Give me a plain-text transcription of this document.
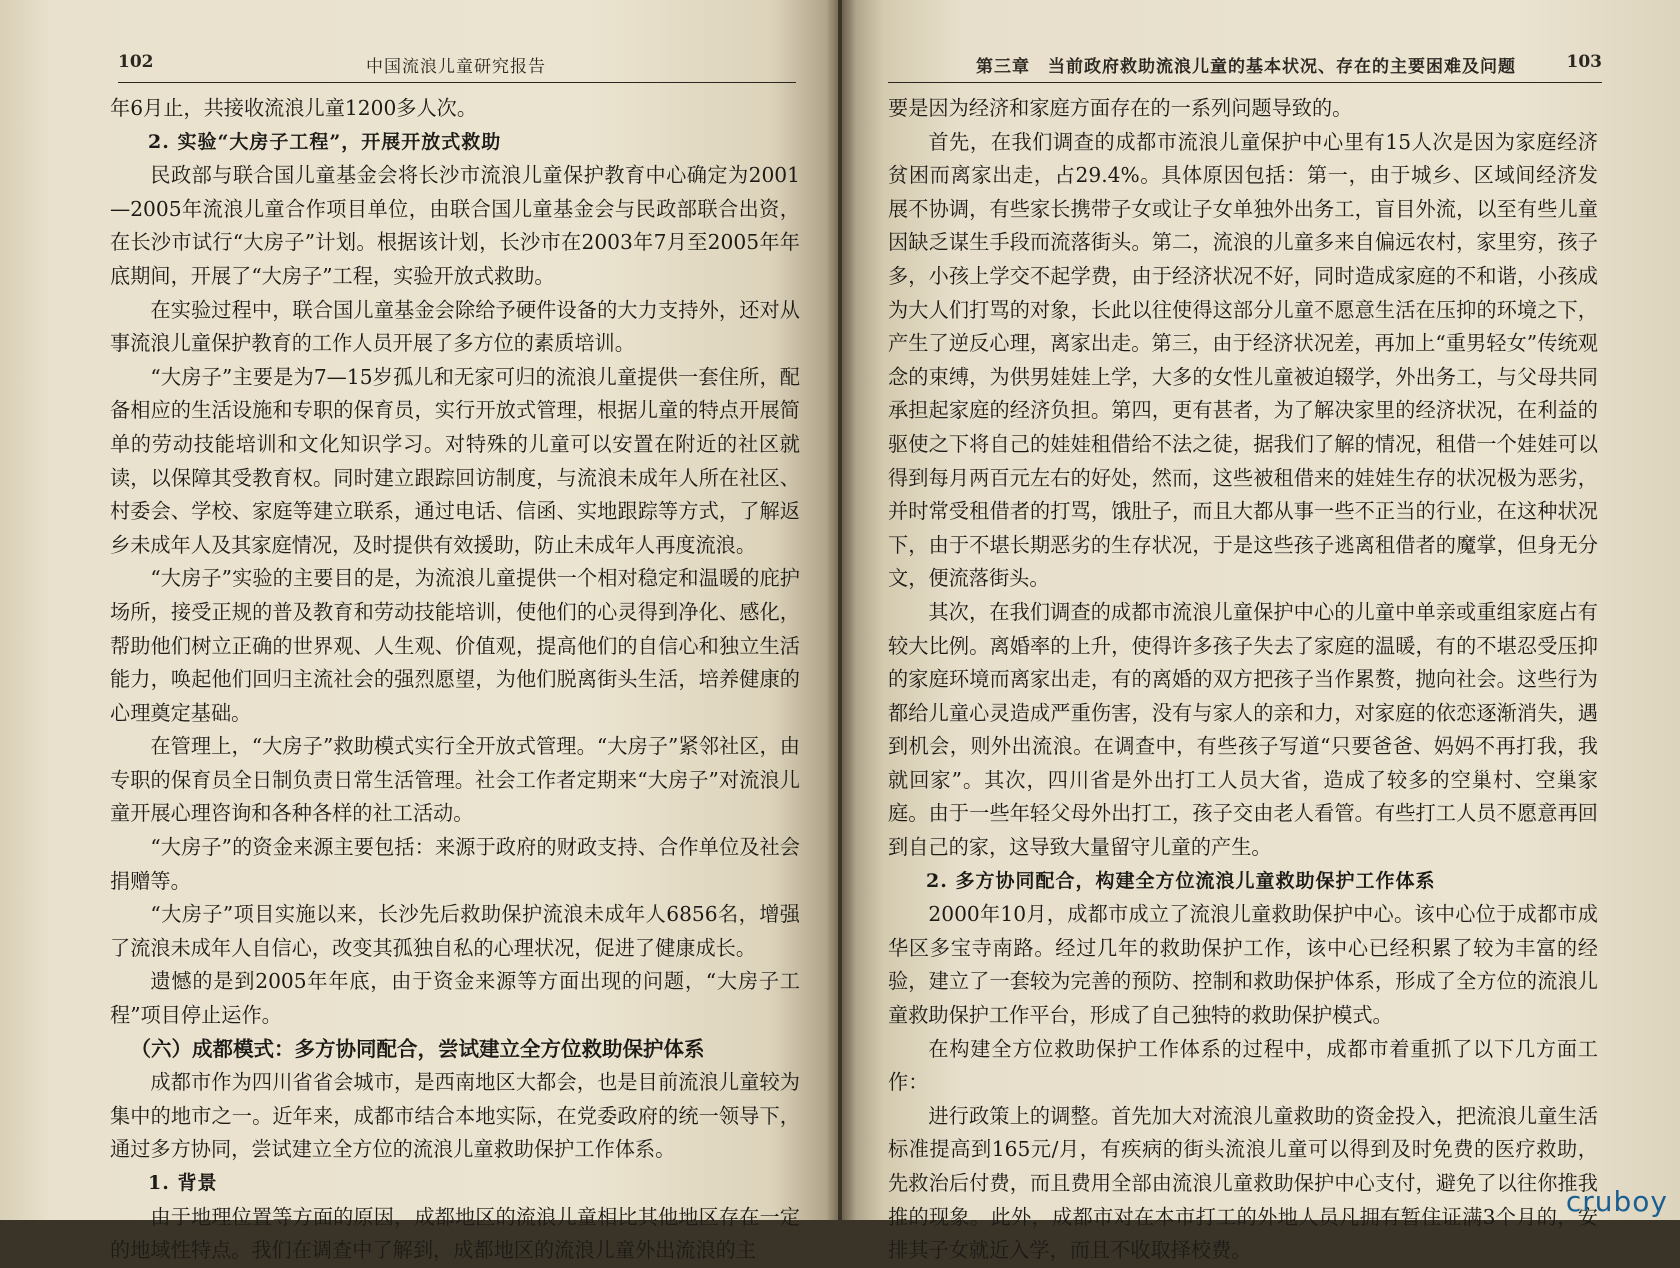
102	中国流浪儿童研究报告

年6月止，共接收流浪儿童1200多人次。

2. 实验“大房子工程”，开展开放式救助

民政部与联合国儿童基金会将长沙市流浪儿童保护教育中心确定为2001—2005年流浪儿童合作项目单位，由联合国儿童基金会与民政部联合出资，在长沙市试行“大房子”计划。根据该计划，长沙市在2003年7月至2005年年底期间，开展了“大房子”工程，实验开放式救助。

在实验过程中，联合国儿童基金会除给予硬件设备的大力支持外，还对从事流浪儿童保护教育的工作人员开展了多方位的素质培训。

“大房子”主要是为7—15岁孤儿和无家可归的流浪儿童提供一套住所，配备相应的生活设施和专职的保育员，实行开放式管理，根据儿童的特点开展简单的劳动技能培训和文化知识学习。对特殊的儿童可以安置在附近的社区就读，以保障其受教育权。同时建立跟踪回访制度，与流浪未成年人所在社区、村委会、学校、家庭等建立联系，通过电话、信函、实地跟踪等方式，了解返乡未成年人及其家庭情况，及时提供有效援助，防止未成年人再度流浪。

“大房子”实验的主要目的是，为流浪儿童提供一个相对稳定和温暖的庇护场所，接受正规的普及教育和劳动技能培训，使他们的心灵得到净化、感化，帮助他们树立正确的世界观、人生观、价值观，提高他们的自信心和独立生活能力，唤起他们回归主流社会的强烈愿望，为他们脱离街头生活，培养健康的心理奠定基础。

在管理上，“大房子”救助模式实行全开放式管理。“大房子”紧邻社区，由专职的保育员全日制负责日常生活管理。社会工作者定期来“大房子”对流浪儿童开展心理咨询和各种各样的社工活动。

“大房子”的资金来源主要包括：来源于政府的财政支持、合作单位及社会捐赠等。

“大房子”项目实施以来，长沙先后救助保护流浪未成年人6856名，增强了流浪未成年人自信心，改变其孤独自私的心理状况，促进了健康成长。

遗憾的是到2005年年底，由于资金来源等方面出现的问题，“大房子工程”项目停止运作。

（六）成都模式：多方协同配合，尝试建立全方位救助保护体系

成都市作为四川省省会城市，是西南地区大都会，也是目前流浪儿童较为集中的地市之一。近年来，成都市结合本地实际，在党委政府的统一领导下，通过多方协同，尝试建立全方位的流浪儿童救助保护工作体系。

1. 背景

由于地理位置等方面的原因，成都地区的流浪儿童相比其他地区存在一定的地域性特点。我们在调查中了解到，成都地区的流浪儿童外出流浪的主

第三章　当前政府救助流浪儿童的基本状况、存在的主要困难及问题	103

要是因为经济和家庭方面存在的一系列问题导致的。

首先，在我们调查的成都市流浪儿童保护中心里有15人次是因为家庭经济贫困而离家出走，占29.4%。具体原因包括：第一，由于城乡、区域间经济发展不协调，有些家长携带子女或让子女单独外出务工，盲目外流，以至有些儿童因缺乏谋生手段而流落街头。第二，流浪的儿童多来自偏远农村，家里穷，孩子多，小孩上学交不起学费，由于经济状况不好，同时造成家庭的不和谐，小孩成为大人们打骂的对象，长此以往使得这部分儿童不愿意生活在压抑的环境之下，产生了逆反心理，离家出走。第三，由于经济状况差，再加上“重男轻女”传统观念的束缚，为供男娃娃上学，大多的女性儿童被迫辍学，外出务工，与父母共同承担起家庭的经济负担。第四，更有甚者，为了解决家里的经济状况，在利益的驱使之下将自己的娃娃租借给不法之徒，据我们了解的情况，租借一个娃娃可以得到每月两百元左右的好处，然而，这些被租借来的娃娃生存的状况极为恶劣，并时常受租借者的打骂，饿肚子，而且大都从事一些不正当的行业，在这种状况下，由于不堪长期恶劣的生存状况，于是这些孩子逃离租借者的魔掌，但身无分文，便流落街头。

其次，在我们调查的成都市流浪儿童保护中心的儿童中单亲或重组家庭占有较大比例。离婚率的上升，使得许多孩子失去了家庭的温暖，有的不堪忍受压抑的家庭环境而离家出走，有的离婚的双方把孩子当作累赘，抛向社会。这些行为都给儿童心灵造成严重伤害，没有与家人的亲和力，对家庭的依恋逐渐消失，遇到机会，则外出流浪。在调查中，有些孩子写道“只要爸爸、妈妈不再打我，我就回家”。其次，四川省是外出打工人员大省，造成了较多的空巢村、空巢家庭。由于一些年轻父母外出打工，孩子交由老人看管。有些打工人员不愿意再回到自己的家，这导致大量留守儿童的产生。

2. 多方协同配合，构建全方位流浪儿童救助保护工作体系

2000年10月，成都市成立了流浪儿童救助保护中心。该中心位于成都市成华区多宝寺南路。经过几年的救助保护工作，该中心已经积累了较为丰富的经验，建立了一套较为完善的预防、控制和救助保护体系，形成了全方位的流浪儿童救助保护工作平台，形成了自己独特的救助保护模式。

在构建全方位救助保护工作体系的过程中，成都市着重抓了以下几方面工作：

进行政策上的调整。首先加大对流浪儿童救助的资金投入，把流浪儿童生活标准提高到165元/月，有疾病的街头流浪儿童可以得到及时免费的医疗救助，先救治后付费，而且费用全部由流浪儿童救助保护中心支付，避免了以往你推我推的现象。此外，成都市对在本市打工的外地人员凡拥有暂住证满3个月的，安排其子女就近入学，而且不收取择校费。

cruboy
